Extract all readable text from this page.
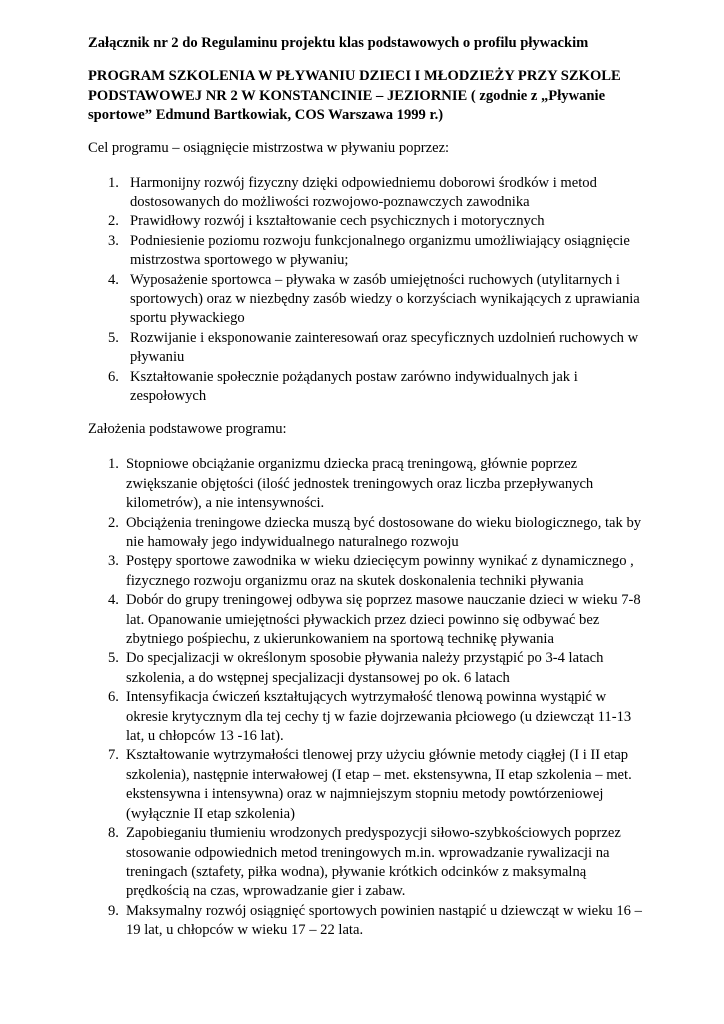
Załącznik nr 2 do Regulaminu projektu klas podstawowych o profilu pływackim

PROGRAM SZKOLENIA W PŁYWANIU DZIECI I MŁODZIEŻY PRZY SZKOLE PODSTAWOWEJ NR 2 W KONSTANCINIE – JEZIORNIE ( zgodnie z „Pływanie sportowe” Edmund Bartkowiak, COS Warszawa 1999 r.)

Cel programu – osiągnięcie mistrzostwa w pływaniu poprzez:

1. Harmonijny rozwój fizyczny dzięki odpowiedniemu doborowi środków i metod dostosowanych do możliwości rozwojowo-poznawczych zawodnika
2. Prawidłowy rozwój i kształtowanie cech psychicznych i motorycznych
3. Podniesienie poziomu rozwoju funkcjonalnego organizmu umożliwiający osiągnięcie mistrzostwa sportowego w pływaniu;
4. Wyposażenie sportowca – pływaka w zasób umiejętności ruchowych (utylitarnych i sportowych) oraz w niezbędny zasób wiedzy o korzyściach wynikających z uprawiania sportu pływackiego
5. Rozwijanie i eksponowanie zainteresowań oraz specyficznych uzdolnień ruchowych w pływaniu
6. Kształtowanie społecznie pożądanych postaw zarówno indywidualnych jak i zespołowych

Założenia podstawowe programu:

1. Stopniowe obciążanie organizmu dziecka pracą treningową, głównie poprzez zwiększanie objętości (ilość jednostek treningowych oraz liczba przepływanych kilometrów), a nie intensywności.
2. Obciążenia treningowe dziecka muszą być dostosowane do wieku biologicznego, tak by nie hamowały jego indywidualnego naturalnego rozwoju
3. Postępy sportowe zawodnika w wieku dziecięcym powinny wynikać z dynamicznego , fizycznego rozwoju organizmu oraz na skutek doskonalenia techniki pływania
4. Dobór do grupy treningowej odbywa się poprzez masowe nauczanie dzieci w wieku 7-8 lat. Opanowanie umiejętności pływackich przez dzieci powinno się odbywać bez zbytniego pośpiechu, z ukierunkowaniem na sportową technikę pływania
5. Do specjalizacji w określonym sposobie pływania należy przystąpić po 3-4 latach szkolenia, a do wstępnej specjalizacji dystansowej po ok. 6 latach
6. Intensyfikacja ćwiczeń kształtujących wytrzymałość tlenową powinna wystąpić w okresie krytycznym dla tej cechy tj w fazie dojrzewania płciowego (u dziewcząt 11-13 lat, u chłopców 13 -16 lat).
7. Kształtowanie wytrzymałości tlenowej przy użyciu głównie metody ciągłej (I i II etap szkolenia), następnie interwałowej (I etap – met. ekstensywna, II etap szkolenia – met. ekstensywna i intensywna) oraz w najmniejszym stopniu metody powtórzeniowej (wyłącznie II etap szkolenia)
8. Zapobieganiu tłumieniu wrodzonych predyspozycji siłowo-szybkościowych poprzez stosowanie odpowiednich metod treningowych m.in. wprowadzanie rywalizacji na treningach (sztafety, piłka wodna), pływanie krótkich odcinków z maksymalną prędkością na czas, wprowadzanie gier i zabaw.
9. Maksymalny rozwój osiągnięć sportowych powinien nastąpić u dziewcząt w wieku 16 – 19 lat, u chłopców w wieku 17 – 22 lata.
